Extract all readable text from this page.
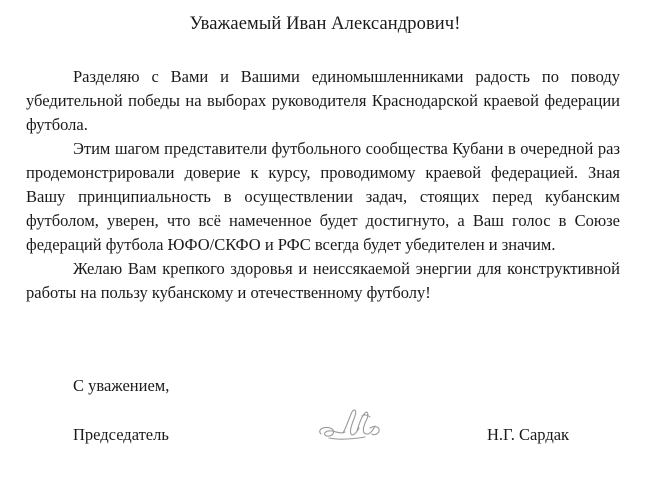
Уважаемый Иван Александрович!

Разделяю с Вами и Вашими единомышленниками радость по поводу убедительной победы на выборах руководителя Краснодарской краевой федерации футбола.

Этим шагом представители футбольного сообщества Кубани в очередной раз продемонстрировали доверие к курсу, проводимому краевой федерацией. Зная Вашу принципиальность в осуществлении задач, стоящих перед кубанским футболом, уверен, что всё намеченное будет достигнуто, а Ваш голос в Союзе федераций футбола ЮФО/СКФО и РФС всегда будет убедителен и значим.

Желаю Вам крепкого здоровья и неиссякаемой энергии для конструктивной работы на пользу кубанскому и отечественному футболу!

С уважением,

Председатель	Н.Г. Сардак
